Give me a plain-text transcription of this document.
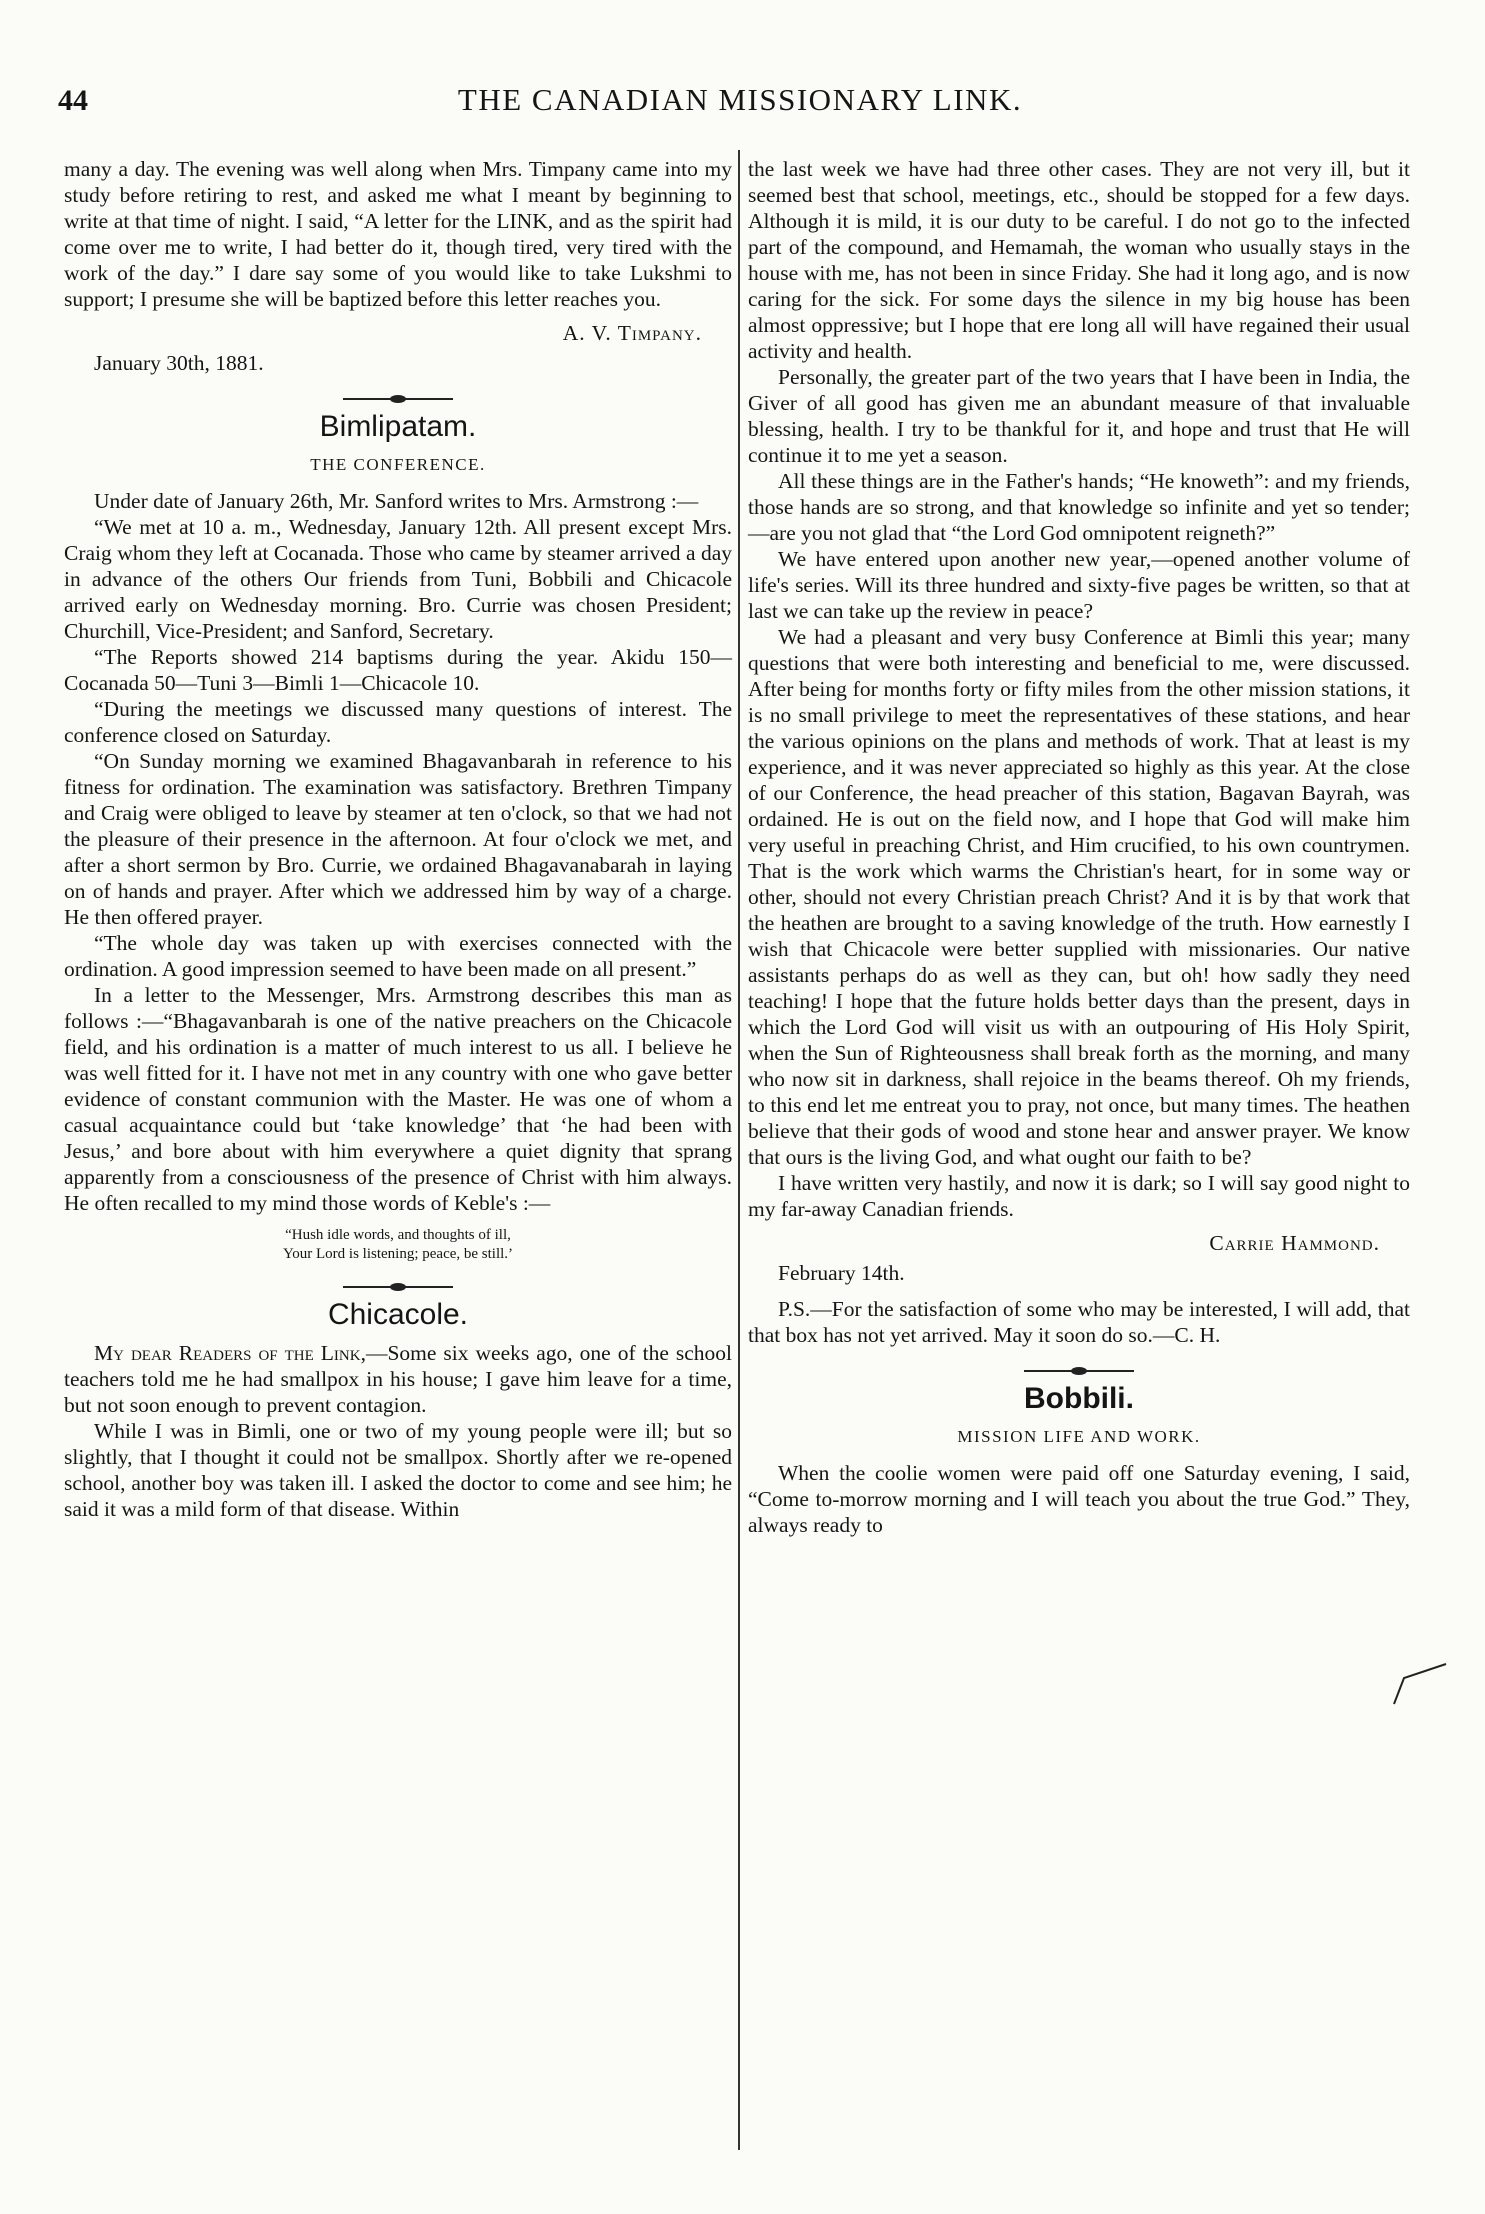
44	THE CANADIAN MISSIONARY LINK.

many a day. The evening was well along when Mrs. Timpany came into my study before retiring to rest, and asked me what I meant by beginning to write at that time of night. I said, “A letter for the LINK, and as the spirit had come over me to write, I had better do it, though tired, very tired with the work of the day.” I dare say some of you would like to take Lukshmi to support; I presume she will be baptized before this letter reaches you.

A. V. Timpany.

January 30th, 1881.

Bimlipatam.
THE CONFERENCE.

Under date of January 26th, Mr. Sanford writes to Mrs. Armstrong :—

“We met at 10 a. m., Wednesday, January 12th. All present except Mrs. Craig whom they left at Cocanada. Those who came by steamer arrived a day in advance of the others Our friends from Tuni, Bobbili and Chicacole arrived early on Wednesday morning. Bro. Currie was chosen President; Churchill, Vice-President; and Sanford, Secretary.

“The Reports showed 214 baptisms during the year. Akidu 150—Cocanada 50—Tuni 3—Bimli 1—Chicacole 10.

“During the meetings we discussed many questions of interest. The conference closed on Saturday.

“On Sunday morning we examined Bhagavanbarah in reference to his fitness for ordination. The examination was satisfactory. Brethren Timpany and Craig were obliged to leave by steamer at ten o'clock, so that we had not the pleasure of their presence in the afternoon. At four o'clock we met, and after a short sermon by Bro. Currie, we ordained Bhagavanabarah in laying on of hands and prayer. After which we addressed him by way of a charge. He then offered prayer.

“The whole day was taken up with exercises connected with the ordination. A good impression seemed to have been made on all present.”

In a letter to the Messenger, Mrs. Armstrong describes this man as follows :—“Bhagavanbarah is one of the native preachers on the Chicacole field, and his ordination is a matter of much interest to us all. I believe he was well fitted for it. I have not met in any country with one who gave better evidence of constant communion with the Master. He was one of whom a casual acquaintance could but ‘take knowledge’ that ‘he had been with Jesus,’ and bore about with him everywhere a quiet dignity that sprang apparently from a consciousness of the presence of Christ with him always. He often recalled to my mind those words of Keble's :—

“Hush idle words, and thoughts of ill,
Your Lord is listening; peace, be still.’
Chicacole.

My dear Readers of the Link,—Some six weeks ago, one of the school teachers told me he had smallpox in his house; I gave him leave for a time, but not soon enough to prevent contagion.

While I was in Bimli, one or two of my young people were ill; but so slightly, that I thought it could not be smallpox. Shortly after we re-opened school, another boy was taken ill. I asked the doctor to come and see him; he said it was a mild form of that disease. Within

the last week we have had three other cases. They are not very ill, but it seemed best that school, meetings, etc., should be stopped for a few days. Although it is mild, it is our duty to be careful. I do not go to the infected part of the compound, and Hemamah, the woman who usually stays in the house with me, has not been in since Friday. She had it long ago, and is now caring for the sick. For some days the silence in my big house has been almost oppressive; but I hope that ere long all will have regained their usual activity and health.

Personally, the greater part of the two years that I have been in India, the Giver of all good has given me an abundant measure of that invaluable blessing, health. I try to be thankful for it, and hope and trust that He will continue it to me yet a season.

All these things are in the Father's hands; “He knoweth”: and my friends, those hands are so strong, and that knowledge so infinite and yet so tender;—are you not glad that “the Lord God omnipotent reigneth?”

We have entered upon another new year,—opened another volume of life's series. Will its three hundred and sixty-five pages be written, so that at last we can take up the review in peace?

We had a pleasant and very busy Conference at Bimli this year; many questions that were both interesting and beneficial to me, were discussed. After being for months forty or fifty miles from the other mission stations, it is no small privilege to meet the representatives of these stations, and hear the various opinions on the plans and methods of work. That at least is my experience, and it was never appreciated so highly as this year. At the close of our Conference, the head preacher of this station, Bagavan Bayrah, was ordained. He is out on the field now, and I hope that God will make him very useful in preaching Christ, and Him crucified, to his own countrymen. That is the work which warms the Christian's heart, for in some way or other, should not every Christian preach Christ? And it is by that work that the heathen are brought to a saving knowledge of the truth. How earnestly I wish that Chicacole were better supplied with missionaries. Our native assistants perhaps do as well as they can, but oh! how sadly they need teaching! I hope that the future holds better days than the present, days in which the Lord God will visit us with an outpouring of His Holy Spirit, when the Sun of Righteousness shall break forth as the morning, and many who now sit in darkness, shall rejoice in the beams thereof. Oh my friends, to this end let me entreat you to pray, not once, but many times. The heathen believe that their gods of wood and stone hear and answer prayer. We know that ours is the living God, and what ought our faith to be?

I have written very hastily, and now it is dark; so I will say good night to my far-away Canadian friends.

Carrie Hammond.

February 14th.

P.S.—For the satisfaction of some who may be interested, I will add, that that box has not yet arrived. May it soon do so.—C. H.

Bobbili.
MISSION LIFE AND WORK.

When the coolie women were paid off one Saturday evening, I said, “Come to-morrow morning and I will teach you about the true God.” They, always ready to
